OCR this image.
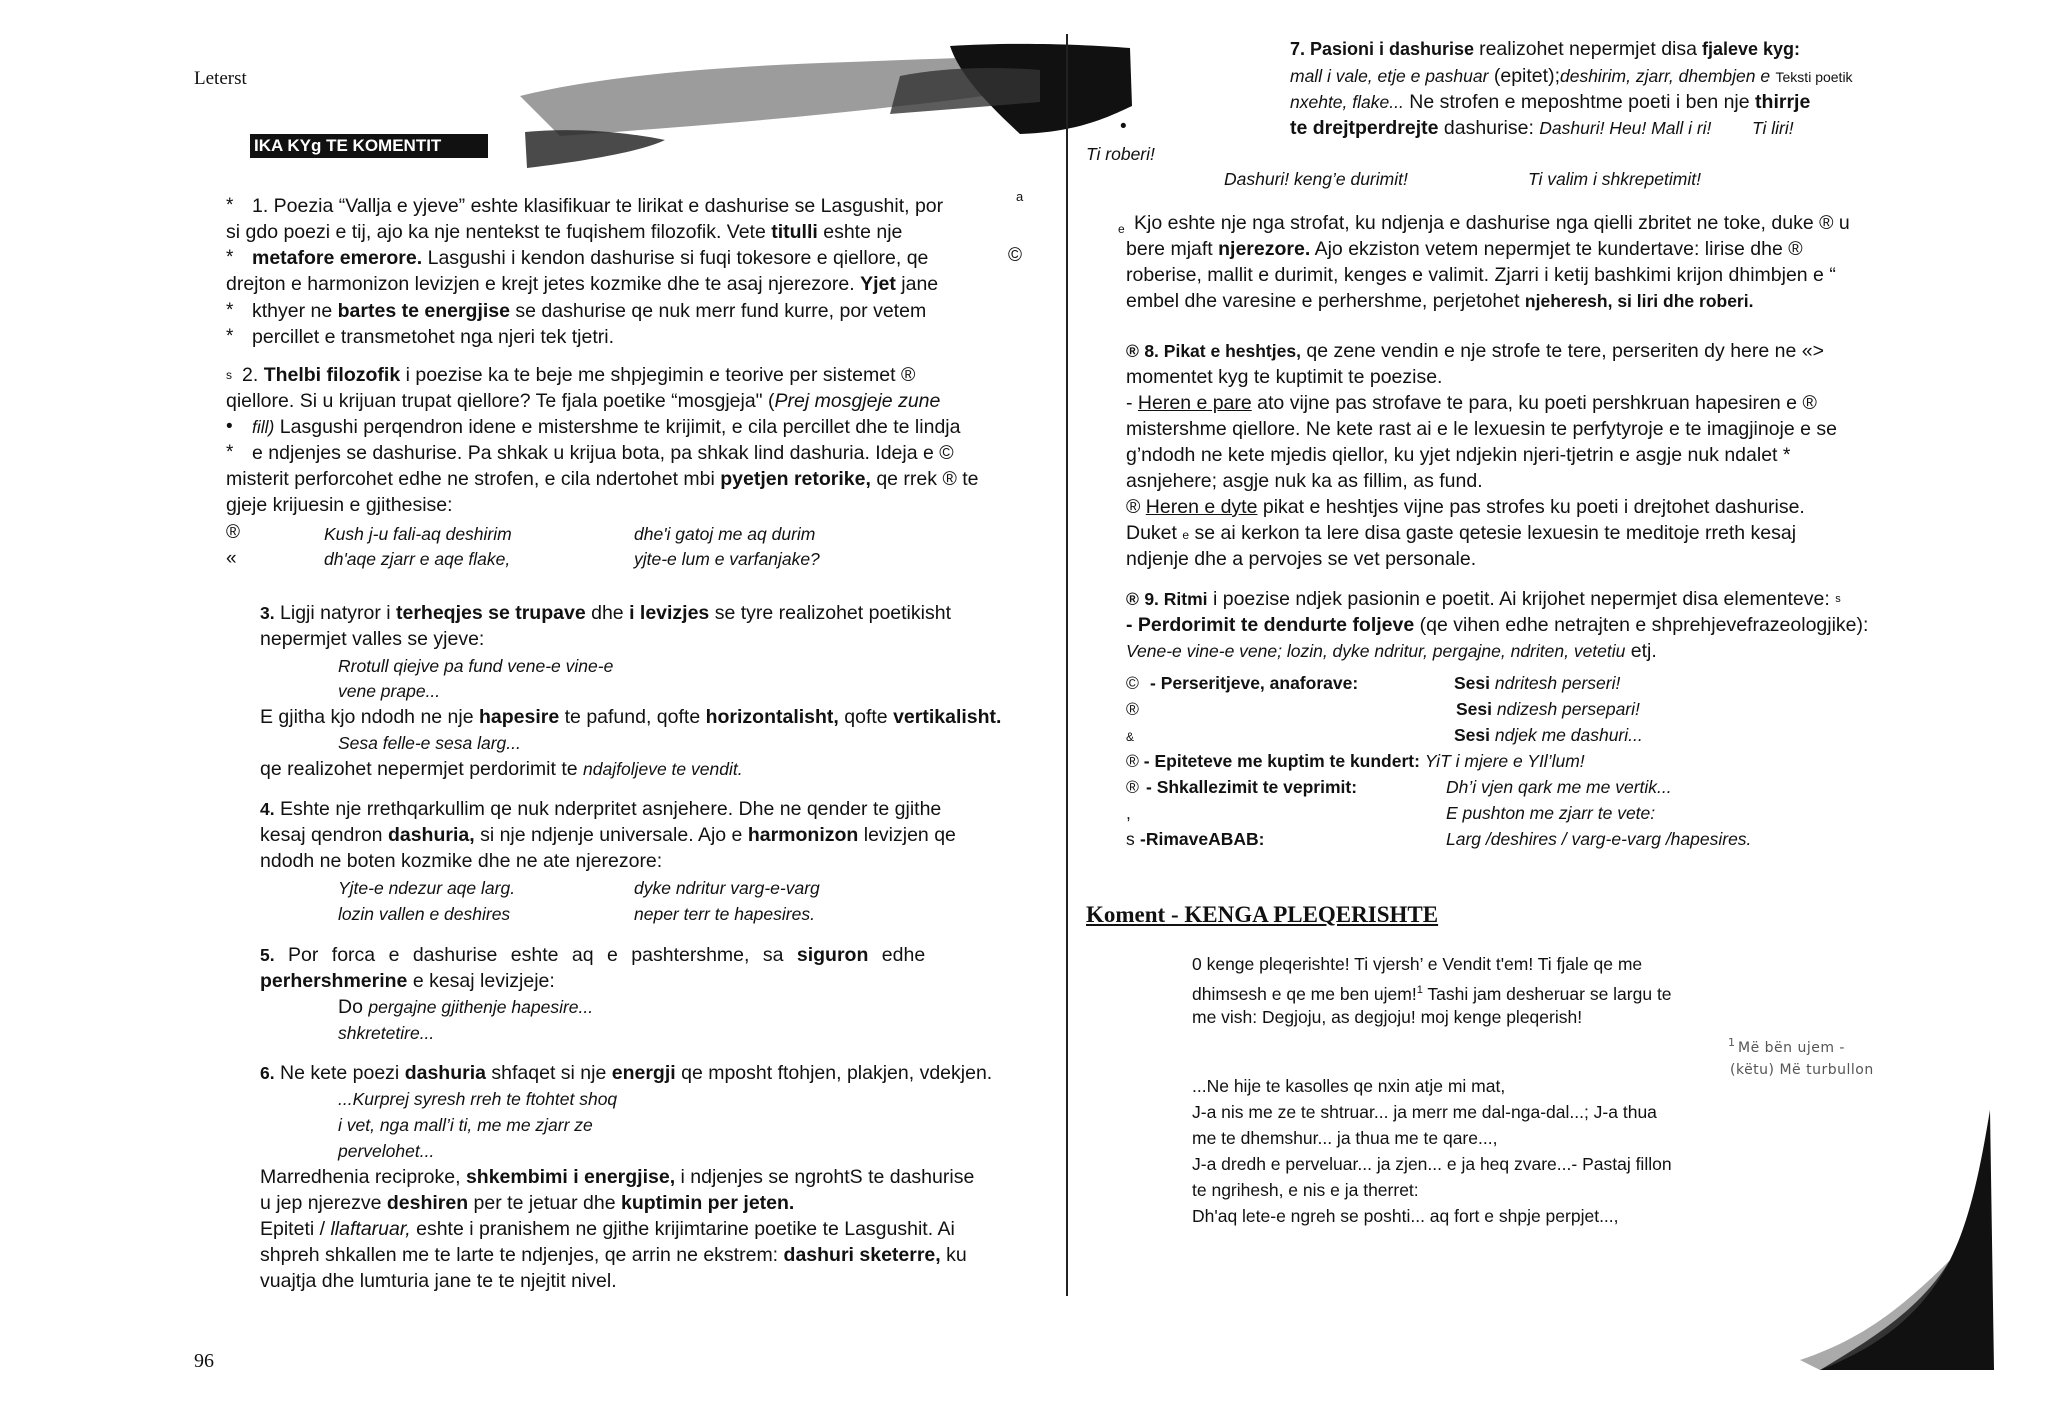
Leterst
IKA KYg TE KOMENTIT
*	a
*	©
*
*
1. Poezia “Vallja e yjeve” eshte klasifikuar te lirikat e dashurise se Lasgushit, por
si gdo poezi e tij, ajo ka nje nentekst te fuqishem filozofik. Vete titulli eshte nje
metafore emerore. Lasgushi i kendon dashurise si fuqi tokesore e qiellore, qe
drejton e harmonizon levizjen e krejt jetes kozmike dhe te asaj njerezore. Yjet jane
kthyer ne bartes te energjise se dashurise qe nuk merr fund kurre, por vetem
percillet e transmetohet nga njeri tek tjetri.
s 2. Thelbi filozofik i poezise ka te beje me shpjegimin e teorive per sistemet ®
qiellore. Si u krijuan trupat qiellore? Te fjala poetike “mosgjeja" (Prej mosgjeje zune
• fill) Lasgushi perqendron idene e mistershme te krijimit, e cila percillet dhe te lindja
* e ndjenjes se dashurise. Pa shkak u krijua bota, pa shkak lind dashuria. Ideja e ©
misterit perforcohet edhe ne strofen, e cila ndertohet mbi pyetjen retorike, qe rrek ® te
gjeje krijuesin e gjithesise:
®
«
Kush j-u fali-aq deshirim	dhe'i gatoj me aq durim
dh'aqe zjarr e aqe flake,	yjte-e lum e varfanjake?
3. Ligji natyror i terheqjes se trupave dhe i levizjes se tyre realizohet poetikisht
nepermjet valles se yjeve:
Rrotull qiejve pa fund vene-e vine-e
vene prape...
E gjitha kjo ndodh ne nje hapesire te pafund, qofte horizontalisht, qofte vertikalisht.
Sesa felle-e sesa larg...
qe realizohet nepermjet perdorimit te ndajfoljeve te vendit.
4. Eshte nje rrethqarkullim qe nuk nderpritet asnjehere. Dhe ne qender te gjithe
kesaj qendron dashuria, si nje ndjenje universale. Ajo e harmonizon levizjen qe
ndodh ne boten kozmike dhe ne ate njerezore:
Yjte-e ndezur aqe larg.	dyke ndritur varg-e-varg
lozin vallen e deshires	neper terr te hapesires.
5. Por forca e dashurise eshte aq e pashtershme, sa siguron edhe
perhershmerine e kesaj levizjeje:
Do pergajne gjithenje hapesire...
shkretetire...
6. Ne kete poezi dashuria shfaqet si nje energji qe mposht ftohjen, plakjen, vdekjen.
...Kurprej syresh rreh te ftohtet shoq
i vet, nga mall’i ti, me me zjarr ze
pervelohet...
Marredhenia reciproke, shkembimi i energjise, i ndjenjes se ngrohtS te dashurise
u jep njerezve deshiren per te jetuar dhe kuptimin per jeten.
Epiteti / llaftaruar, eshte i pranishem ne gjithe krijimtarine poetike te Lasgushit. Ai
shpreh shkallen me te larte te ndjenjes, qe arrin ne ekstrem: dashuri sketerre, ku
vuajtja dhe lumturia jane te te njejtit nivel.
96
7. Pasioni i dashurise realizohet nepermjet disa fjaleve kyg:
mall i vale, etje e pashuar (epitet);deshirim, zjarr, dhembjen e Teksti poetik
nxehte, flake... Ne strofen e meposhtme poeti i ben nje thirrje
•	te drejtperdrejte dashurise: Dashuri! Heu! Mall i ri! Ti liri!
Ti roberi!
Dashuri! keng’e durimit!	Ti valim i shkrepetimit!
e Kjo eshte nje nga strofat, ku ndjenja e dashurise nga qielli zbritet ne toke, duke ® u
bere mjaft njerezore. Ajo ekziston vetem nepermjet te kundertave: lirise dhe ®
roberise, mallit e durimit, kenges e valimit. Zjarri i ketij bashkimi krijon dhimbjen e “
embel dhe varesine e perhershme, perjetohet njeheresh, si liri dhe roberi.
® 8. Pikat e heshtjes, qe zene vendin e nje strofe te tere, perseriten dy here ne «>
momentet kyg te kuptimit te poezise.
- Heren e pare ato vijne pas strofave te para, ku poeti pershkruan hapesiren e ®
mistershme qiellore. Ne kete rast ai e le lexuesin te perfytyroje e te imagjinoje e se
g’ndodh ne kete mjedis qiellor, ku yjet ndjekin njeri-tjetrin e asgje nuk ndalet *
asnjehere; asgje nuk ka as fillim, as fund.
® Heren e dyte pikat e heshtjes vijne pas strofes ku poeti i drejtohet dashurise.
Duket e se ai kerkon ta lere disa gaste qetesie lexuesin te meditoje rreth kesaj
ndjenje dhe a pervojes se vet personale.
® 9. Ritmi i poezise ndjek pasionin e poetit. Ai krijohet nepermjet disa elementeve: $^s$
- Perdorimit te dendurte foljeve (qe vihen edhe netrajten e shprehjevefrazeologjike):
Vene-e vine-e vene; lozin, dyke ndritur, pergajne, ndriten, vetetiu etj.
© - Perseritjeve, anaforave:	Sesi ndritesh perseri!
®	Sesi ndizesh persepari!
&	Sesi ndjek me dashuri...
® - Epiteteve me kuptim te kundert: YiT i mjere e YIl’lum!
® - Shkallezimit te veprimit:	Dh’i vjen qark me me vertik...
,	E pushton me zjarr te vete:
s -RimaveABAB:	Larg /deshires / varg-e-varg /hapesires.
Koment - KENGA PLEQERISHTE
0 kenge pleqerishte! Ti vjersh’ e Vendit t'em! Ti fjale qe me
dhimsesh e qe me ben ujem!$^1$ Tashi jam desheruar se largu te
me vish: Degjoju, as degjoju! moj kenge pleqerish!
...Ne hije te kasolles qe nxin atje mi mat,
J-a nis me ze te shtruar... ja merr me dal-nga-dal...; J-a thua
me te dhemshur... ja thua me te qare...,
J-a dredh e perveluar... ja zjen... e ja heq zvare...- Pastaj fillon
te ngrihesh, e nis e ja therret:
Dh'aq lete-e ngreh se poshti... aq fort e shpje perpjet...,
1 Më bën ujem -
(këtu) Më turbullon
